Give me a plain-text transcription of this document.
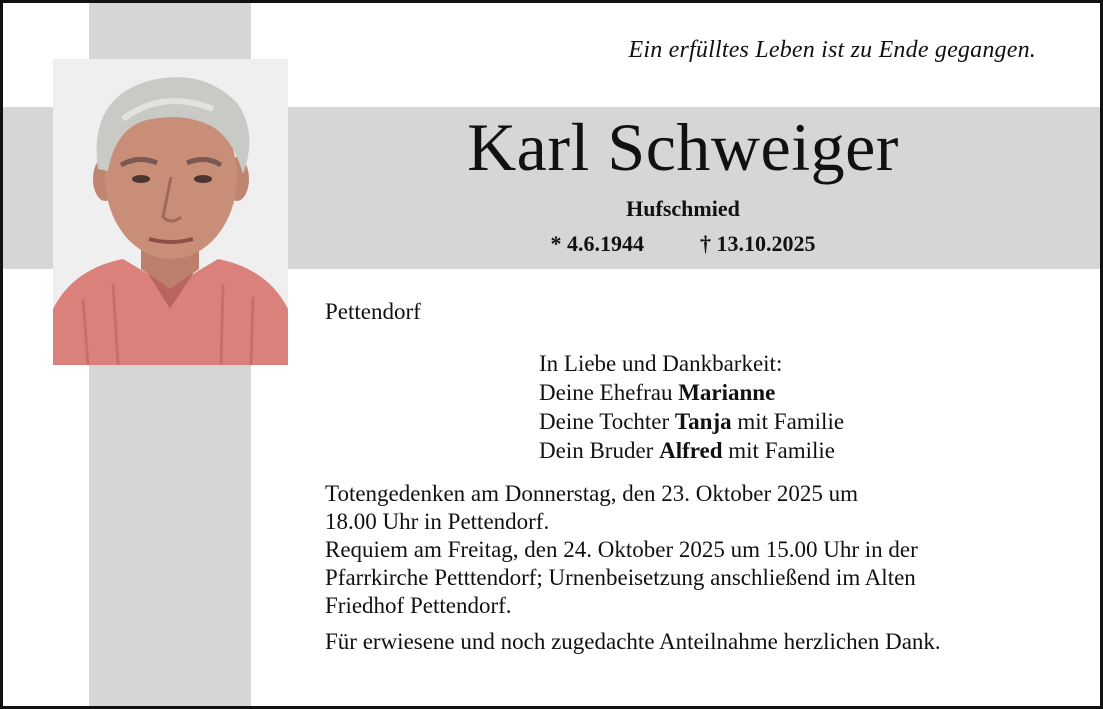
Ein erfülltes Leben ist zu Ende gegangen.
Karl Schweiger
Hufschmied
* 4.6.1944	† 13.10.2025
Pettendorf
In Liebe und Dankbarkeit:
Deine Ehefrau Marianne
Deine Tochter Tanja mit Familie
Dein Bruder Alfred mit Familie

Totengedenken am Donnerstag, den 23. Oktober 2025 um

18.00 Uhr in Pettendorf.

Requiem am Freitag, den 24. Oktober 2025 um 15.00 Uhr in der

Pfarrkirche Petttendorf; Urnenbeisetzung anschließend im Alten

Friedhof Pettendorf.

Für erwiesene und noch zugedachte Anteilnahme herzlichen Dank.
